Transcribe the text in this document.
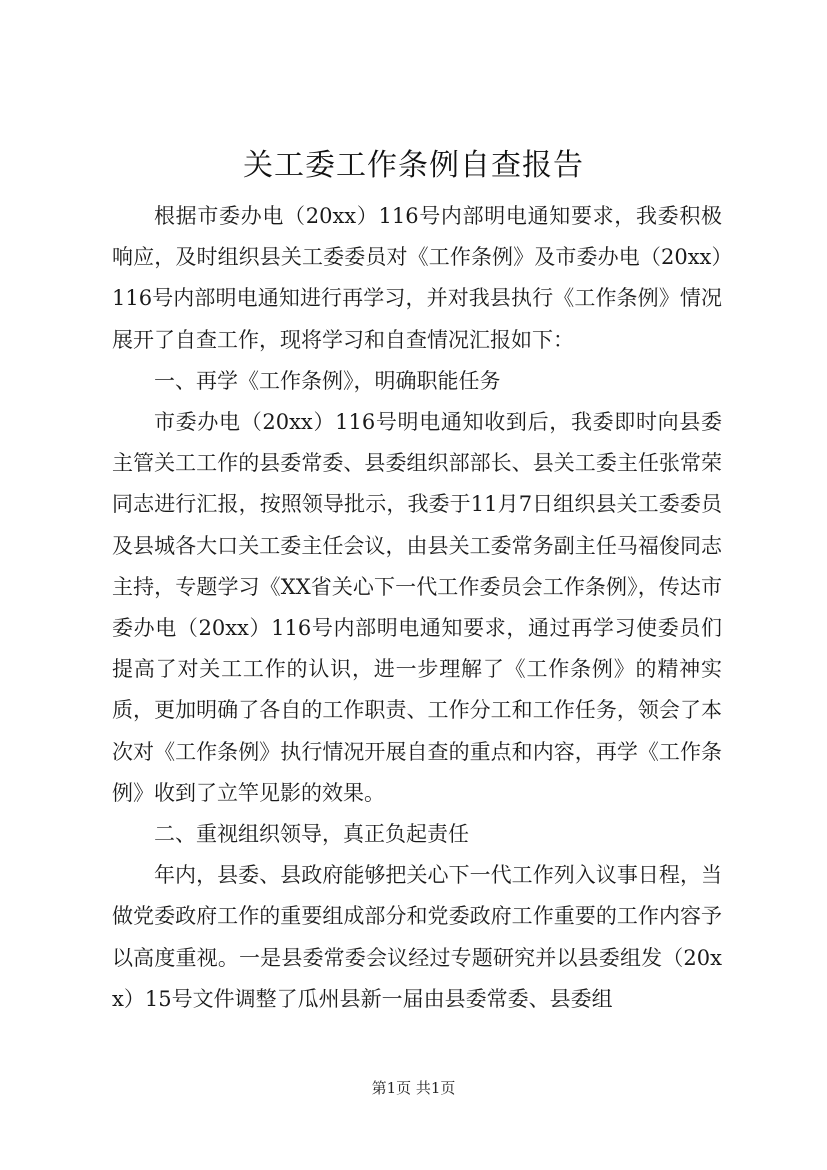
关工委工作条例自查报告

根据市委办电（20xx）116号内部明电通知要求，我委积极响应，及时组织县关工委委员对《工作条例》及市委办电（20xx）116号内部明电通知进行再学习，并对我县执行《工作条例》情况展开了自查工作，现将学习和自查情况汇报如下：

一、再学《工作条例》，明确职能任务

市委办电（20xx）116号明电通知收到后，我委即时向县委主管关工工作的县委常委、县委组织部部长、县关工委主任张常荣同志进行汇报，按照领导批示，我委于11月7日组织县关工委委员及县城各大口关工委主任会议，由县关工委常务副主任马福俊同志主持，专题学习《XX省关心下一代工作委员会工作条例》，传达市委办电（20xx）116号内部明电通知要求，通过再学习使委员们提高了对关工工作的认识，进一步理解了《工作条例》的精神实质，更加明确了各自的工作职责、工作分工和工作任务，领会了本次对《工作条例》执行情况开展自查的重点和内容，再学《工作条例》收到了立竿见影的效果。

二、重视组织领导，真正负起责任

年内，县委、县政府能够把关心下一代工作列入议事日程，当做党委政府工作的重要组成部分和党委政府工作重要的工作内容予以高度重视。一是县委常委会议经过专题研究并以县委组发（20xx）15号文件调整了瓜州县新一届由县委常委、县委组

第1页 共1页
